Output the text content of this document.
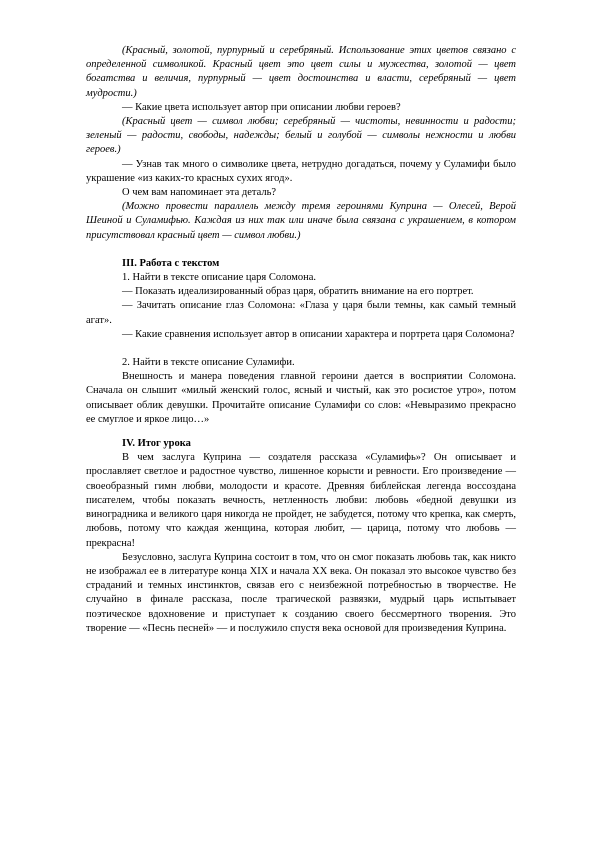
(Красный, золотой, пурпурный и серебряный. Использование этих цветов связано с определенной символикой. Красный цвет это цвет силы и мужества, золотой — цвет богатства и величия, пурпурный — цвет достоинства и власти, серебряный — цвет мудрости.)

— Какие цвета использует автор при описании любви героев?

(Красный цвет — символ любви; серебряный — чистоты, невинности и радости; зеленый — радости, свободы, надежды; белый и голубой — символы нежности и любви героев.)

— Узнав так много о символике цвета, нетрудно догадаться, почему у Суламифи было украшение «из каких-то красных сухих ягод».

О чем вам напоминает эта деталь?

(Можно провести параллель между тремя героинями Куприна — Олесей, Верой Шеиной и Суламифью. Каждая из них так или иначе была связана с украшением, в котором присутствовал красный цвет — символ любви.)

III. Работа с текстом

1. Найти в тексте описание царя Соломона.

— Показать идеализированный образ царя, обратить внимание на его портрет.

— Зачитать описание глаз Соломона: «Глаза у царя были темны, как самый темный агат».

— Какие сравнения использует автор в описании характера и портрета царя Соломона?

2. Найти в тексте описание Суламифи.

Внешность и манера поведения главной героини дается в восприятии Соломона. Сначала он слышит «милый женский голос, ясный и чистый, как это росистое утро», потом описывает облик девушки. Прочитайте описание Суламифи со слов: «Невыразимо прекрасно ее смуглое и яркое лицо…»

IV. Итог урока

В чем заслуга Куприна — создателя рассказа «Суламифь»? Он описывает и прославляет светлое и радостное чувство, лишенное корысти и ревности. Его произведение — своеобразный гимн любви, молодости и красоте. Древняя библейская легенда воссоздана писателем, чтобы показать вечность, нетленность любви: любовь «бедной девушки из виноградника и великого царя никогда не пройдет, не забудется, потому что крепка, как смерть, любовь, потому что каждая женщина, которая любит, — царица, потому что любовь — прекрасна!

Безусловно, заслуга Куприна состоит в том, что он смог показать любовь так, как никто не изображал ее в литературе конца XIX и начала XX века. Он показал это высокое чувство без страданий и темных инстинктов, связав его с неизбежной потребностью в творчестве. Не случайно в финале рассказа, после трагической развязки, мудрый царь испытывает поэтическое вдохновение и приступает к созданию своего бессмертного творения. Это творение — «Песнь песней» — и послужило спустя века основой для произведения Куприна.
